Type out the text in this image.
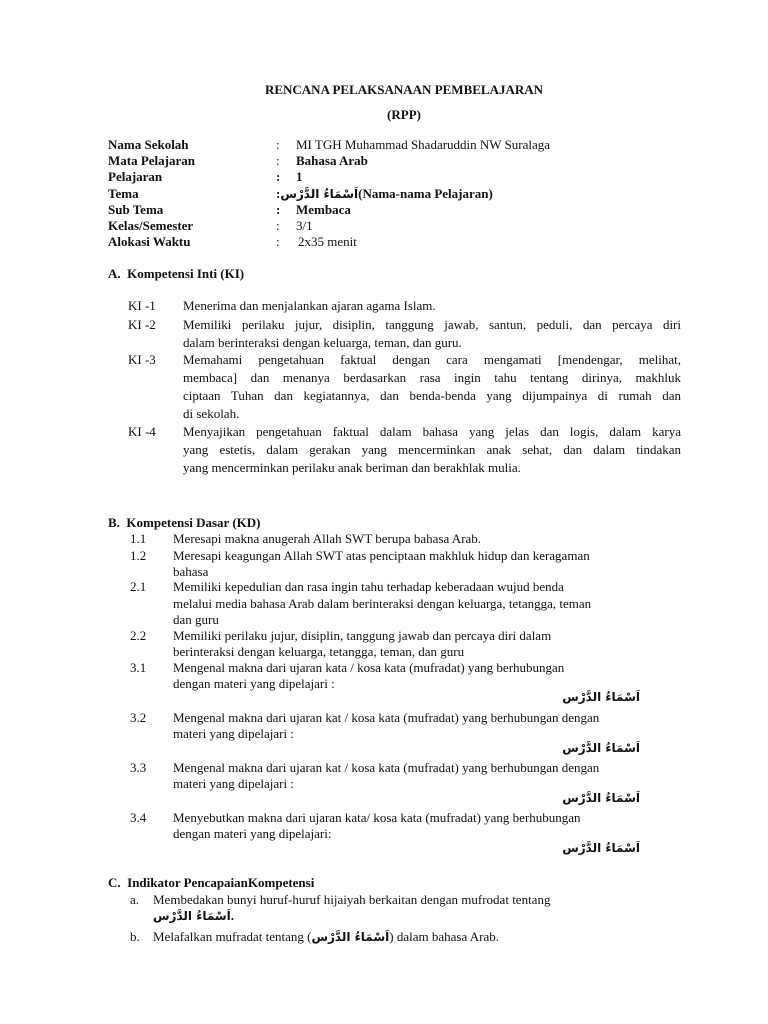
RENCANA PELAKSANAAN PEMBELAJARAN
(RPP)
Nama Sekolah	: MI TGH Muhammad Shadaruddin NW Suralaga
Mata Pelajaran	: Bahasa Arab
Pelajaran	: 1
Tema	:اَسْمَاءُ الدَّرْس(Nama-nama Pelajaran)
Sub Tema	: Membaca
Kelas/Semester	: 3/1
Alokasi Waktu	: 2x35 menit
A.  Kompetensi Inti (KI)
KI -1 Menerima dan menjalankan ajaran agama Islam.
KI -2 Memiliki perilaku jujur, disiplin, tanggung jawab, santun, peduli, dan percaya diri
dalam berinteraksi dengan keluarga, teman, dan guru.
KI -3 Memahami pengetahuan faktual dengan cara mengamati [mendengar, melihat,
membaca] dan menanya berdasarkan rasa ingin tahu tentang dirinya, makhluk
ciptaan Tuhan dan kegiatannya, dan benda-benda yang dijumpainya di rumah dan
di sekolah.
KI -4 Menyajikan pengetahuan faktual dalam bahasa yang jelas dan logis, dalam karya
yang estetis, dalam gerakan yang mencerminkan anak sehat, dan dalam tindakan
yang mencerminkan perilaku anak beriman dan berakhlak mulia.
B.  Kompetensi Dasar (KD)
1.1 Meresapi makna anugerah Allah SWT berupa bahasa Arab.
1.2 Meresapi keagungan Allah SWT atas penciptaan makhluk hidup dan keragaman
bahasa
2.1 Memiliki kepedulian dan rasa ingin tahu terhadap keberadaan wujud benda
melalui media bahasa Arab dalam berinteraksi dengan keluarga, tetangga, teman
dan guru
2.2 Memiliki perilaku jujur, disiplin, tanggung jawab dan percaya diri dalam
berinteraksi dengan keluarga, tetangga, teman, dan guru
3.1 Mengenal makna dari ujaran kata / kosa kata (mufradat) yang berhubungan
dengan materi yang dipelajari :
اَسْمَاءُ الدَّرْس
3.2 Mengenal makna dari ujaran kat / kosa kata (mufradat) yang berhubungan dengan
materi yang dipelajari :
اَسْمَاءُ الدَّرْس
3.3 Mengenal makna dari ujaran kat / kosa kata (mufradat) yang berhubungan dengan
materi yang dipelajari :
اَسْمَاءُ الدَّرْس
3.4 Menyebutkan makna dari ujaran kata/ kosa kata (mufradat) yang berhubungan
dengan materi yang dipelajari:
اَسْمَاءُ الدَّرْس
C.  Indikator PencapaianKompetensi
a. Membedakan bunyi huruf-huruf hijaiyah berkaitan dengan mufrodat tentang
اَسْمَاءُ الدَّرْس.
b. Melafalkan mufradat tentang (اَسْمَاءُ الدَّرْس) dalam bahasa Arab.
